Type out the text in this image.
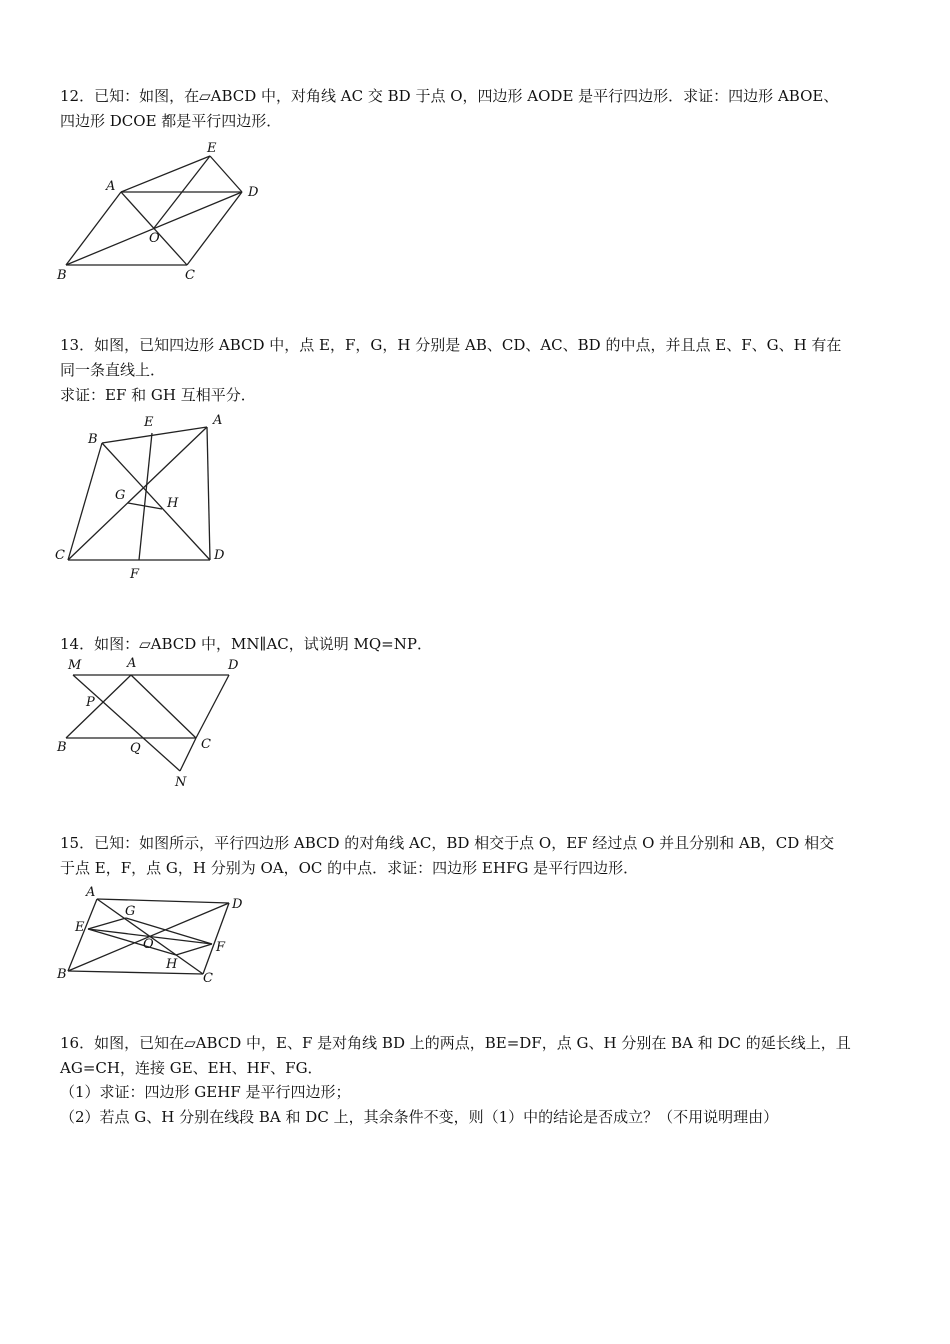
12．已知：如图，在▱ABCD 中，对角线 AC 交 BD 于点 O，四边形 AODE 是平行四边形．求证：四边形 ABOE、
四边形 DCOE 都是平行四边形．
E
A	D
O
B	C
13．如图，已知四边形 ABCD 中，点 E，F，G，H 分别是 AB、CD、AC、BD 的中点，并且点 E、F、G、H 有在
同一条直线上．
求证：EF 和 GH 互相平分．
B
E	A
G
H
C	D
F
14．如图：▱ABCD 中，MN∥AC，试说明 MQ=NP．
M	A	D
P
B	Q	C
N
15．已知：如图所示，平行四边形 ABCD 的对角线 AC，BD 相交于点 O，EF 经过点 O 并且分别和 AB，CD 相交
于点 E，F，点 G，H 分别为 OA，OC 的中点．求证：四边形 EHFG 是平行四边形．
A
G	D
E
O	F
H
B	C
16．如图，已知在▱ABCD 中，E、F 是对角线 BD 上的两点，BE=DF，点 G、H 分别在 BA 和 DC 的延长线上，且
AG=CH，连接 GE、EH、HF、FG．
（1）求证：四边形 GEHF 是平行四边形；
（2）若点 G、H 分别在线段 BA 和 DC 上，其余条件不变，则（1）中的结论是否成立？（不用说明理由）
